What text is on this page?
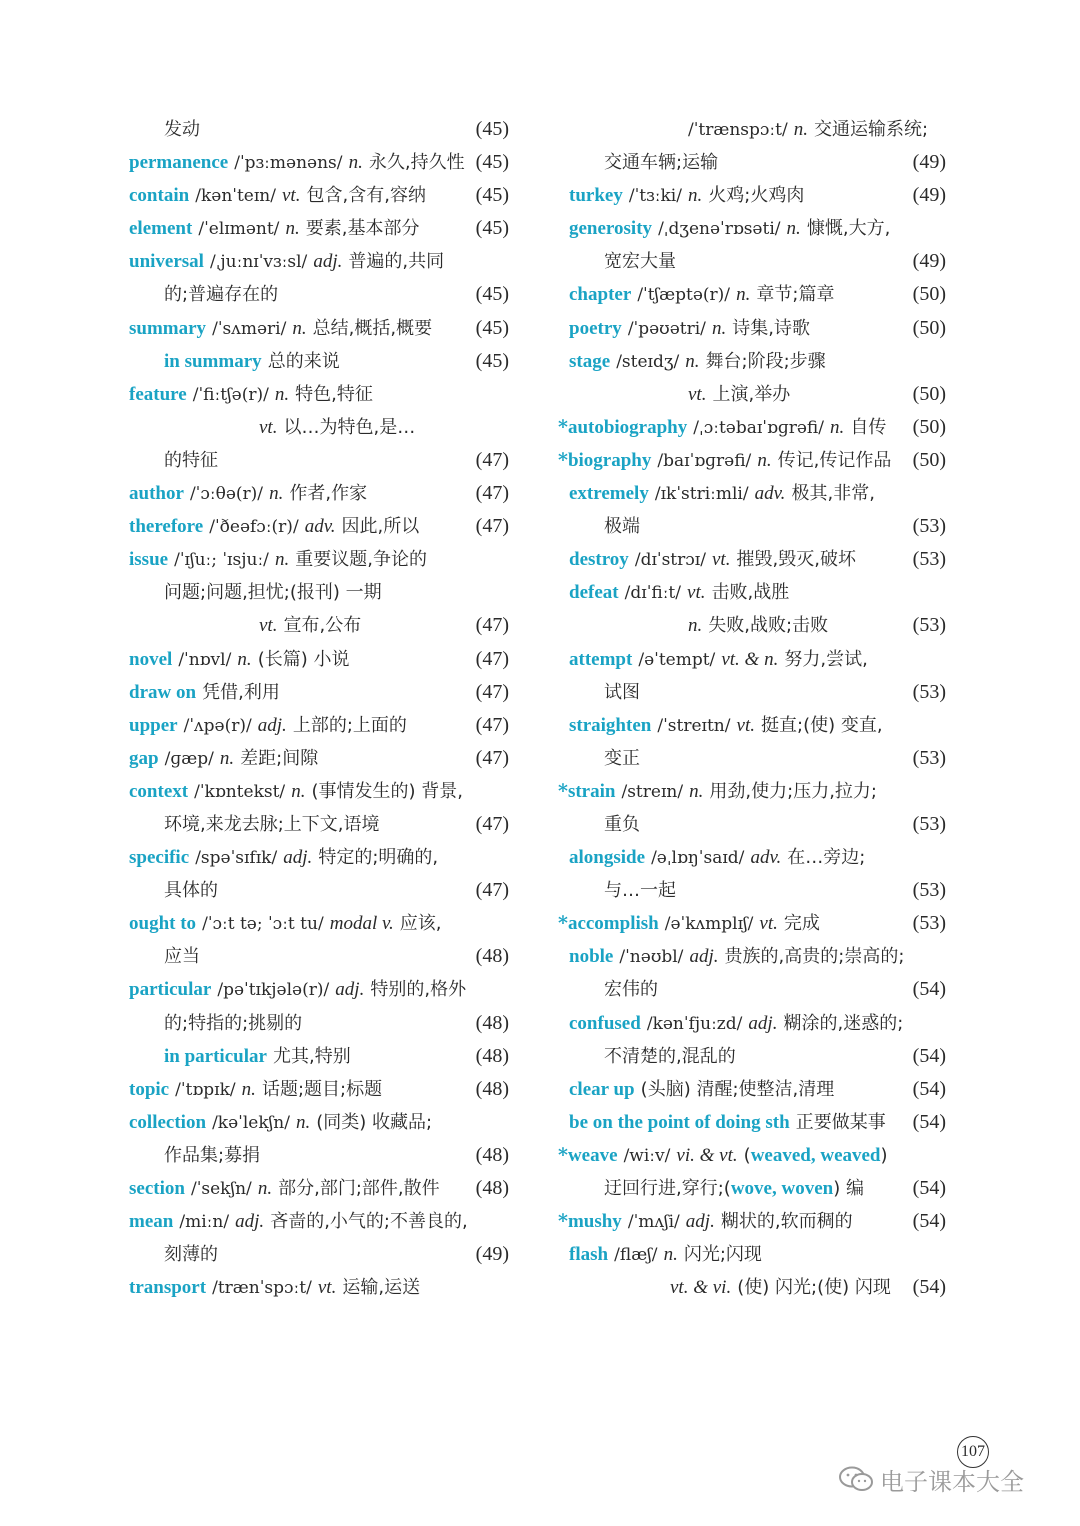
发动	(45)
permanence /ˈpɜːmənəns/ n. 永久,持久性 (45)
contain /kənˈteɪn/ vt. 包含,含有,容纳 (45)
element /ˈelɪmənt/ n. 要素,基本部分	(45)
universal /ˌjuːnɪˈvɜːsl/ adj. 普遍的,共同
的;普遍存在的	(45)
summary /ˈsʌməri/ n. 总结,概括,概要 (45)
in summary 总的来说	(45)
feature /ˈfiːtʃə(r)/ n. 特色,特征
vt. 以…为特色,是…
的特征	(47)
author /ˈɔːθə(r)/ n. 作者,作家	(47)
therefore /ˈðeəfɔː(r)/ adv. 因此,所以	(47)
issue /ˈɪʃuː; ˈɪsjuː/ n. 重要议题,争论的
问题;问题,担忧;(报刊) 一期
vt. 宣布,公布	(47)
novel /ˈnɒvl/ n. (长篇) 小说	(47)
draw on 凭借,利用	(47)
upper /ˈʌpə(r)/ adj. 上部的;上面的	(47)
gap /ɡæp/ n. 差距;间隙	(47)
context /ˈkɒntekst/ n. (事情发生的) 背景,
环境,来龙去脉;上下文,语境	(47)
specific /spəˈsɪfɪk/ adj. 特定的;明确的,
具体的	(47)
ought to /ˈɔːt tə; ˈɔːt tu/ modal v. 应该,
应当	(48)
particular /pəˈtɪkjələ(r)/ adj. 特别的,格外
的;特指的;挑剔的	(48)
in particular 尤其,特别	(48)
topic /ˈtɒpɪk/ n. 话题;题目;标题	(48)
collection /kəˈlekʃn/ n. (同类) 收藏品;
作品集;募捐	(48)
section /ˈsekʃn/ n. 部分,部门;部件,散件 (48)
mean /miːn/ adj. 吝啬的,小气的;不善良的,
刻薄的	(49)
transport /trænˈspɔːt/ vt. 运输,运送
/ˈtrænspɔːt/ n. 交通运输系统;
交通车辆;运输	(49)
turkey /ˈtɜːki/ n. 火鸡;火鸡肉	(49)
generosity /ˌdʒenəˈrɒsəti/ n. 慷慨,大方,
宽宏大量	(49)
chapter /ˈtʃæptə(r)/ n. 章节;篇章	(50)
poetry /ˈpəʊətri/ n. 诗集,诗歌	(50)
stage /steɪdʒ/ n. 舞台;阶段;步骤
vt. 上演,举办	(50)
*autobiography /ˌɔːtəbaɪˈɒɡrəfi/ n. 自传 (50)
*biography /baɪˈɒɡrəfi/ n. 传记,传记作品 (50)
extremely /ɪkˈstriːmli/ adv. 极其,非常,
极端	(53)
destroy /dɪˈstrɔɪ/ vt. 摧毁,毁灭,破坏	(53)
defeat /dɪˈfiːt/ vt. 击败,战胜
n. 失败,战败;击败	(53)
attempt /əˈtempt/ vt. & n. 努力,尝试,
试图	(53)
straighten /ˈstreɪtn/ vt. 挺直;(使) 变直,
变正	(53)
*strain /streɪn/ n. 用劲,使力;压力,拉力;
重负	(53)
alongside /əˌlɒŋˈsaɪd/ adv. 在…旁边;
与…一起	(53)
*accomplish /əˈkʌmplɪʃ/ vt. 完成	(53)
noble /ˈnəʊbl/ adj. 贵族的,高贵的;崇高的;
宏伟的	(54)
confused /kənˈfjuːzd/ adj. 糊涂的,迷惑的;
不清楚的,混乱的	(54)
clear up (头脑) 清醒;使整洁,清理	(54)
be on the point of doing sth 正要做某事 (54)
*weave /wiːv/ vi. & vt. (weaved, weaved)
迂回行进,穿行;(wove, woven) 编 (54)
*mushy /ˈmʌʃi/ adj. 糊状的,软而稠的	(54)
flash /flæʃ/ n. 闪光;闪现
vt. & vi. (使) 闪光;(使) 闪现 (54)
107
电子课本大全
